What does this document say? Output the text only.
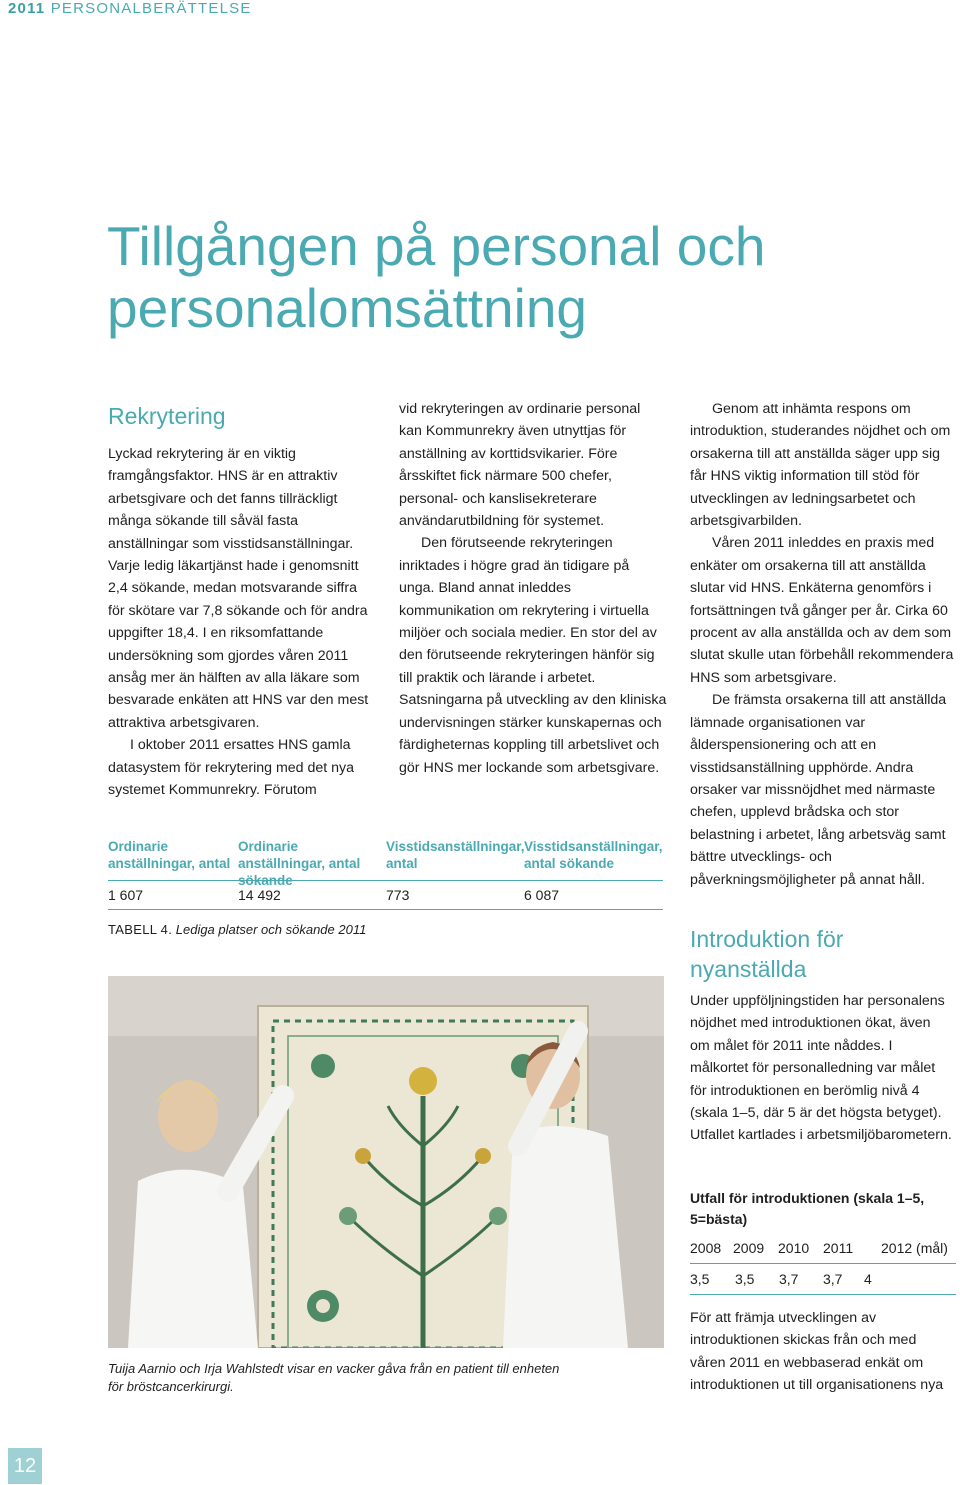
2011 PERSONALBERÄTTELSE
Tillgången på personal och
personalomsättning
Rekrytering

Lyckad rekrytering är en viktig framgångsfaktor. HNS är en attraktiv arbetsgivare och det fanns tillräckligt många sökande till såväl fasta anställningar som visstidsanställningar. Varje ledig läkartjänst hade i genomsnitt 2,4 sökande, medan motsvarande siffra för skötare var 7,8 sökande och för andra uppgifter 18,4. I en riksomfattande undersökning som gjordes våren 2011 ansåg mer än hälften av alla läkare som besvarade enkäten att HNS var den mest attraktiva arbetsgivaren.

I oktober 2011 ersattes HNS gamla datasystem för rekrytering med det nya systemet Kommunrekry. Förutom

vid rekryteringen av ordinarie personal kan Kommunrekry även utnyttjas för anställning av korttidsvikarier. Före årsskiftet fick närmare 500 chefer, personal- och kanslisekreterare användarutbildning för systemet.

Den förutseende rekryteringen inriktades i högre grad än tidigare på unga. Bland annat inleddes kommunikation om rekrytering i virtuella miljöer och sociala medier. En stor del av den förutseende rekryteringen hänför sig till praktik och lärande i arbetet. Satsningarna på utveckling av den kliniska undervisningen stärker kunskapernas och färdigheternas koppling till arbetslivet och gör HNS mer lockande som arbetsgivare.

Genom att inhämta respons om introduktion, studerandes nöjdhet och om orsakerna till att anställda säger upp sig får HNS viktig information till stöd för utvecklingen av ledningsarbetet och arbetsgivarbilden.

Våren 2011 inleddes en praxis med enkäter om orsakerna till att anställda slutar vid HNS. Enkäterna genomförs i fortsättningen två gånger per år. Cirka 60 procent av alla anställda och av dem som slutat skulle utan förbehåll rekommendera HNS som arbetsgivare.

De främsta orsakerna till att anställda lämnade organisationen var ålderspensionering och att en visstidsanställning upphörde. Andra orsaker var missnöjdhet med närmaste chefen, upplevd brådska och stor belastning i arbetet, lång arbetsväg samt bättre utvecklings- och påverkningsmöjligheter på annat håll.

Introduktion för
nyanställda

Under uppföljningstiden har personalens nöjdhet med introduktionen ökat, även om målet för 2011 inte nåddes. I målkortet för personalledning var målet för introduktionen en berömlig nivå 4 (skala 1–5, där 5 är det högsta betyget). Utfallet kartlades i arbetsmiljöbarometern.

Utfall för introduktionen (skala 1–5, 5=bästa)
2008 2009 2010 2011 2012 (mål)
3,5 3,5 3,7 3,7 4

För att främja utvecklingen av introduktionen skickas från och med våren 2011 en webbaserad enkät om introduktionen ut till organisationens nya

Ordinarie anställningar, antal
Ordinarie anställningar, antal sökande
Visstidsanställningar, antal
Visstidsanställningar, antal sökande
1 607	14 492	773	6 087
TABELL 4. Lediga platser och sökande 2011
Tuija Aarnio och Irja Wahlstedt visar en vacker gåva från en patient till enheten för bröstcancerkirurgi.
12
